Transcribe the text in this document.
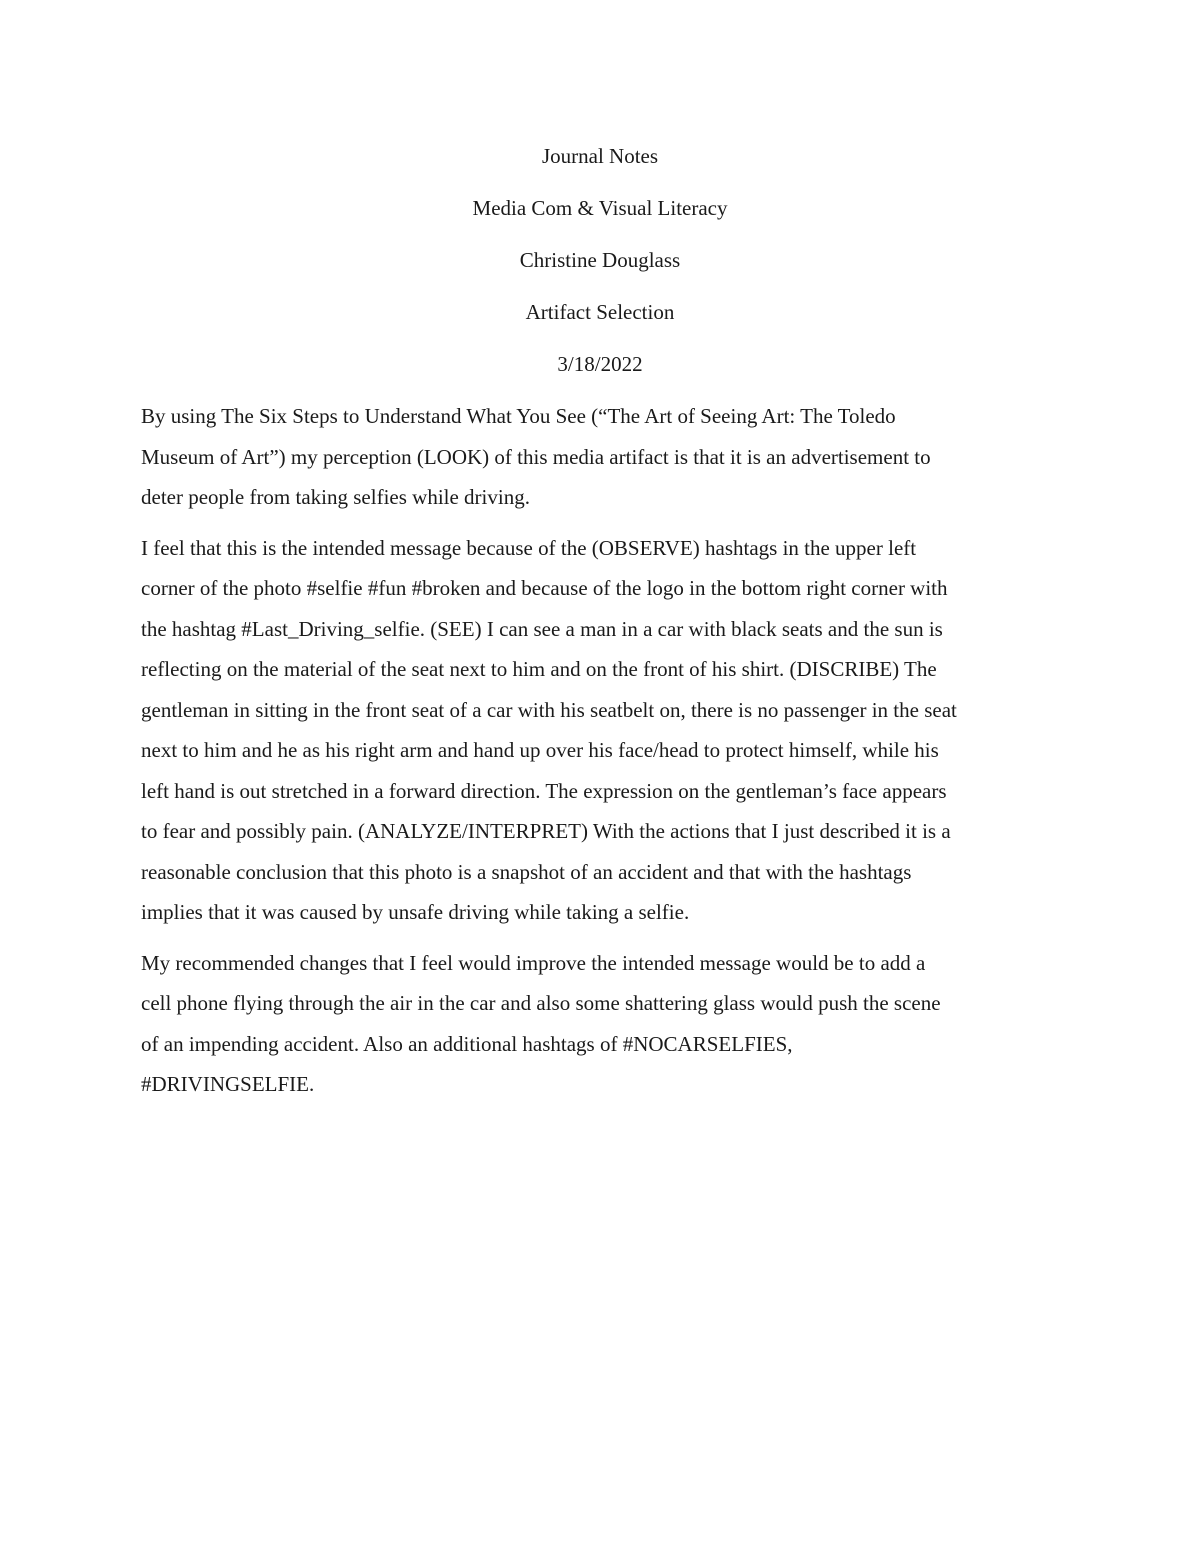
Journal Notes
Media Com & Visual Literacy
Christine Douglass
Artifact Selection
3/18/2022
By using The Six Steps to Understand What You See (“The Art of Seeing Art: The Toledo
Museum of Art”) my perception (LOOK) of this media artifact is that it is an advertisement to
deter people from taking selfies while driving.
I feel that this is the intended message because of the (OBSERVE) hashtags in the upper left
corner of the photo #selfie #fun #broken and because of the logo in the bottom right corner with
the hashtag #Last_Driving_selfie. (SEE) I can see a man in a car with black seats and the sun is
reflecting on the material of the seat next to him and on the front of his shirt. (DISCRIBE) The
gentleman in sitting in the front seat of a car with his seatbelt on, there is no passenger in the seat
next to him and he as his right arm and hand up over his face/head to protect himself, while his
left hand is out stretched in a forward direction. The expression on the gentleman’s face appears
to fear and possibly pain. (ANALYZE/INTERPRET) With the actions that I just described it is a
reasonable conclusion that this photo is a snapshot of an accident and that with the hashtags
implies that it was caused by unsafe driving while taking a selfie.
My recommended changes that I feel would improve the intended message would be to add a
cell phone flying through the air in the car and also some shattering glass would push the scene
of an impending accident. Also an additional hashtags of #NOCARSELFIES,
#DRIVINGSELFIE.
